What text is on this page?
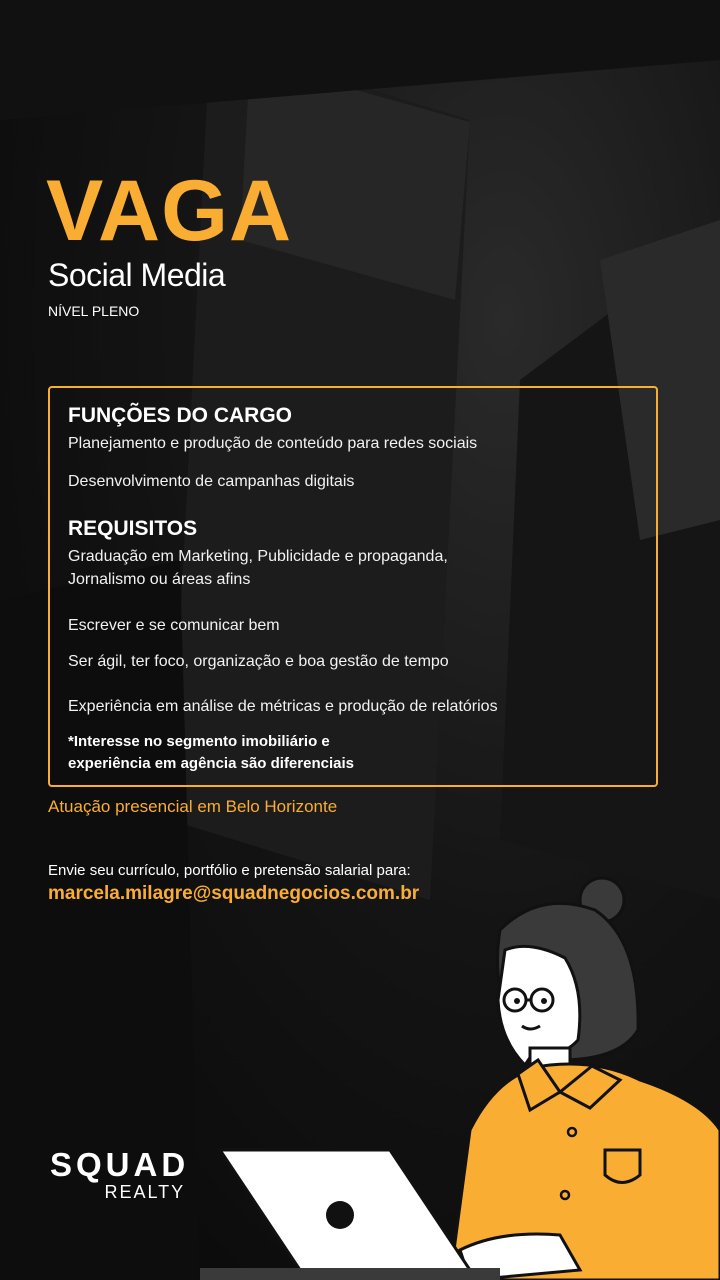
VAGA
Social Media
NÍVEL PLENO
FUNÇÕES DO CARGO
Planejamento e produção de conteúdo para redes sociais
Desenvolvimento de campanhas digitais
REQUISITOS
Graduação em Marketing, Publicidade e propaganda,
Jornalismo ou áreas afins
Escrever e se comunicar bem
Ser ágil, ter foco, organização e boa gestão de tempo
Experiência em análise de métricas e produção de relatórios
*Interesse no segmento imobiliário e
experiência em agência são diferenciais
Atuação presencial em Belo Horizonte
Envie seu currículo, portfólio e pretensão salarial para:
marcela.milagre@squadnegocios.com.br
SQUAD
REALTY
